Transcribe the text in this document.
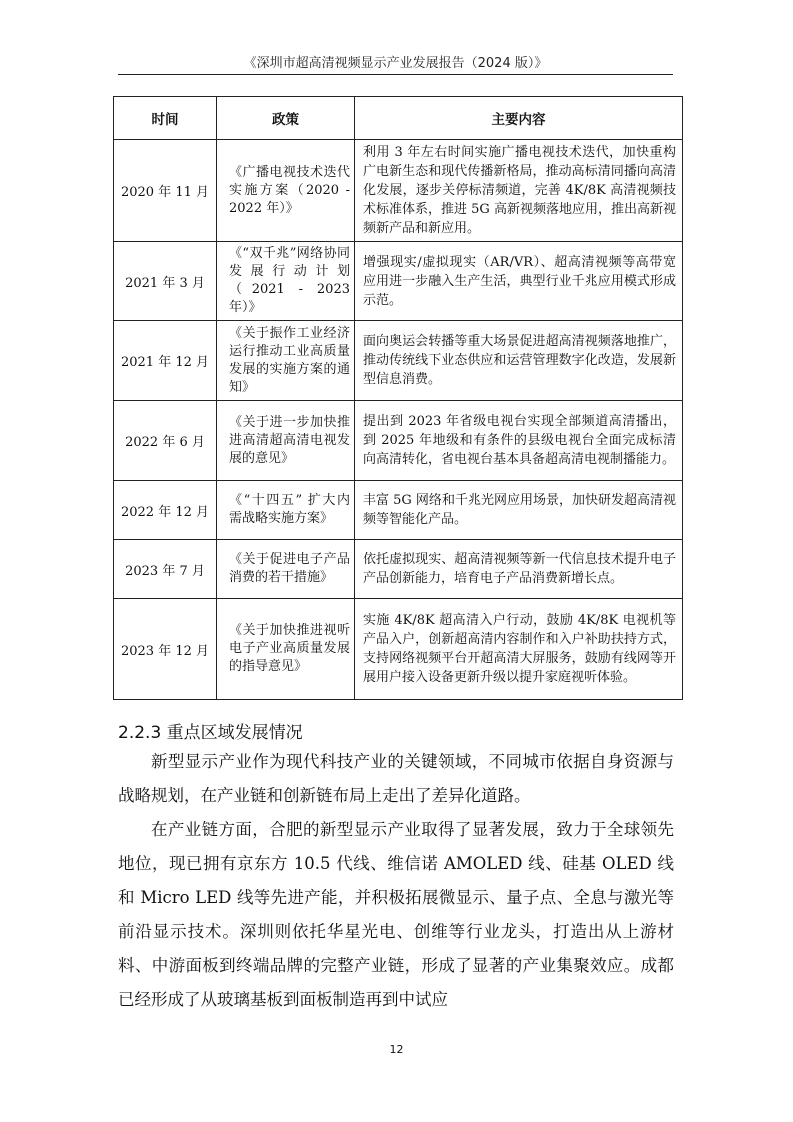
《深圳市超高清视频显示产业发展报告（2024 版）》
时间	政策	主要内容
2020 年 11 月	《广播电视技术迭代实施方案（2020 - 2022 年）》	利用 3 年左右时间实施广播电视技术迭代，加快重构广电新生态和现代传播新格局，推动高标清同播向高清化发展，逐步关停标清频道，完善 4K/8K 高清视频技术标准体系，推进 5G 高新视频落地应用，推出高新视频新产品和新应用。
2021 年 3 月	《“双千兆”网络协同发展行动计划（2021 - 2023 年）》	增强现实/虚拟现实（AR/VR）、超高清视频等高带宽应用进一步融入生产生活，典型行业千兆应用模式形成示范。
2021 年 12 月	《关于振作工业经济运行推动工业高质量发展的实施方案的通知》	面向奥运会转播等重大场景促进超高清视频落地推广，推动传统线下业态供应和运营管理数字化改造，发展新型信息消费。
2022 年 6 月	《关于进一步加快推进高清超高清电视发展的意见》	提出到 2023 年省级电视台实现全部频道高清播出，到 2025 年地级和有条件的县级电视台全面完成标清向高清转化，省电视台基本具备超高清电视制播能力。
2022 年 12 月	《“十四五” 扩大内需战略实施方案》	丰富 5G 网络和千兆光网应用场景，加快研发超高清视频等智能化产品。
2023 年 7 月	《关于促进电子产品消费的若干措施》	依托虚拟现实、超高清视频等新一代信息技术提升电子产品创新能力，培育电子产品消费新增长点。
2023 年 12 月	《关于加快推进视听电子产业高质量发展的指导意见》	实施 4K/8K 超高清入户行动，鼓励 4K/8K 电视机等产品入户，创新超高清内容制作和入户补助扶持方式，支持网络视频平台开超高清大屏服务，鼓励有线网等开展用户接入设备更新升级以提升家庭视听体验。
2.2.3 重点区域发展情况

新型显示产业作为现代科技产业的关键领域，不同城市依据自身资源与战略规划，在产业链和创新链布局上走出了差异化道路。

在产业链方面，合肥的新型显示产业取得了显著发展，致力于全球领先地位，现已拥有京东方 10.5 代线、维信诺 AMOLED 线、硅基 OLED 线和 Micro LED 线等先进产能，并积极拓展微显示、量子点、全息与激光等前沿显示技术。深圳则依托华星光电、创维等行业龙头，打造出从上游材料、中游面板到终端品牌的完整产业链，形成了显著的产业集聚效应。成都已经形成了从玻璃基板到面板制造再到中试应

12
